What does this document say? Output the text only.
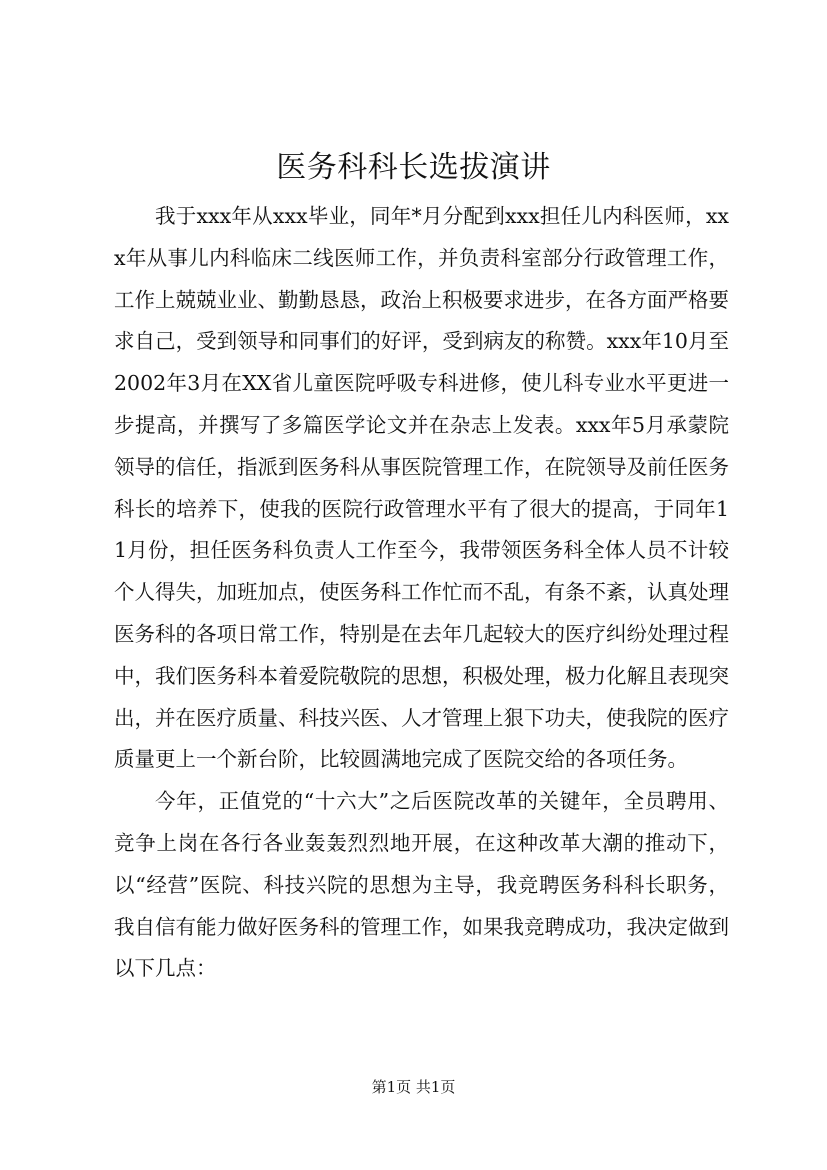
医务科科长选拔演讲

我于xxx年从xxx毕业，同年*月分配到xxx担任儿内科医师，xxx年从事儿内科临床二线医师工作，并负责科室部分行政管理工作，工作上兢兢业业、勤勤恳恳，政治上积极要求进步，在各方面严格要求自己，受到领导和同事们的好评，受到病友的称赞。xxx年10月至2002年3月在XX省儿童医院呼吸专科进修，使儿科专业水平更进一步提高，并撰写了多篇医学论文并在杂志上发表。xxx年5月承蒙院领导的信任，指派到医务科从事医院管理工作，在院领导及前任医务科长的培养下，使我的医院行政管理水平有了很大的提高，于同年11月份，担任医务科负责人工作至今，我带领医务科全体人员不计较个人得失，加班加点，使医务科工作忙而不乱，有条不紊，认真处理医务科的各项日常工作，特别是在去年几起较大的医疗纠纷处理过程中，我们医务科本着爱院敬院的思想，积极处理，极力化解且表现突出，并在医疗质量、科技兴医、人才管理上狠下功夫，使我院的医疗质量更上一个新台阶，比较圆满地完成了医院交给的各项任务。

今年，正值党的“十六大”之后医院改革的关键年，全员聘用、竞争上岗在各行各业轰轰烈烈地开展，在这种改革大潮的推动下，以“经营”医院、科技兴院的思想为主导，我竞聘医务科科长职务，我自信有能力做好医务科的管理工作，如果我竞聘成功，我决定做到以下几点：

第1页 共1页
